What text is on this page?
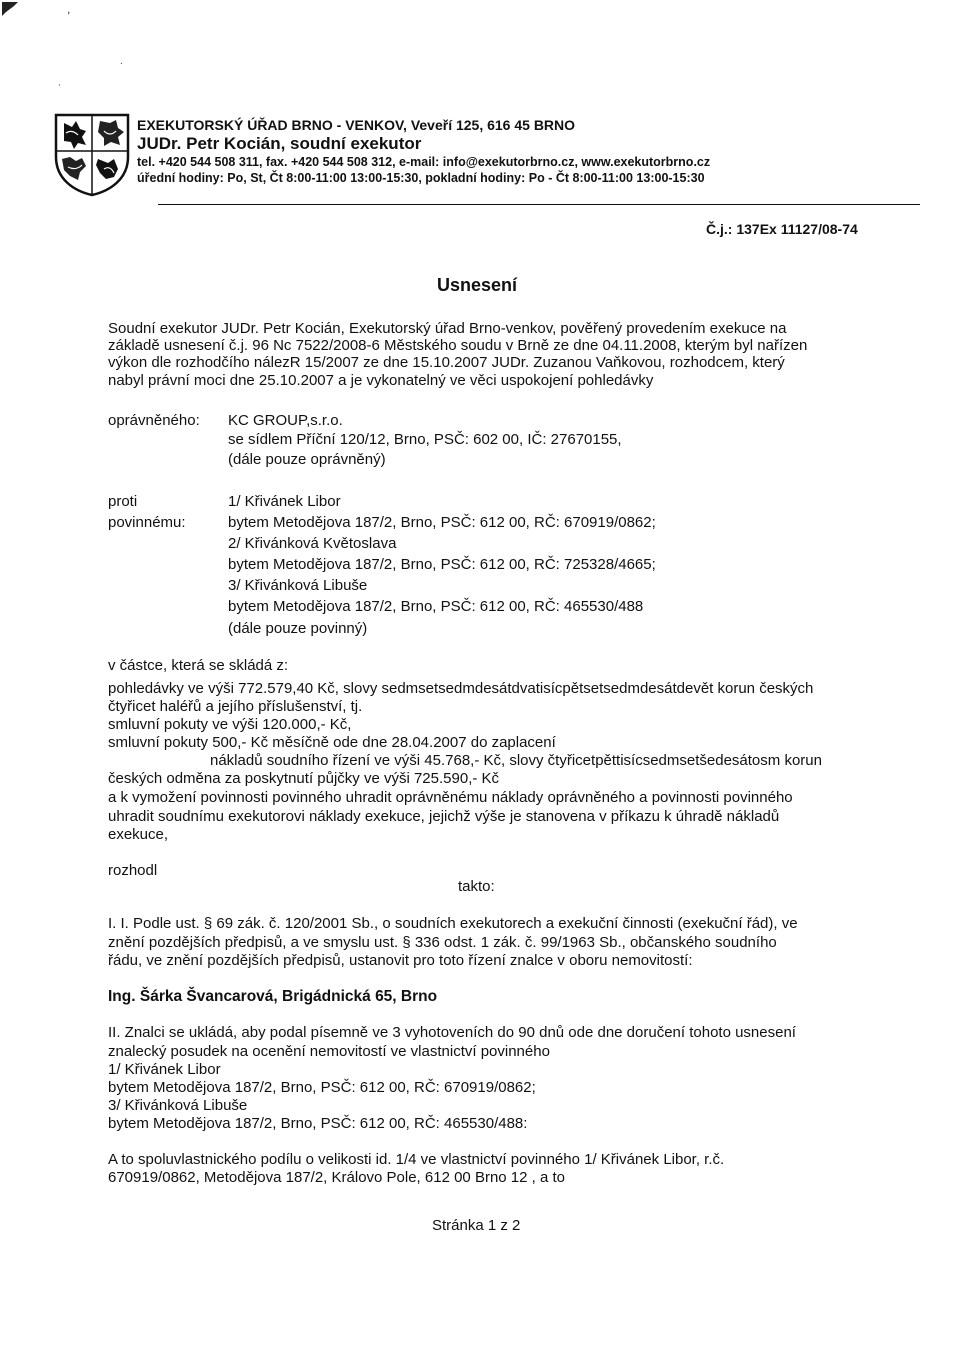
,
.
˙
EXEKUTORSKÝ ÚŘAD BRNO - VENKOV, Veveří 125, 616 45 BRNO
JUDr. Petr Kocián, soudní exekutor
tel. +420 544 508 311, fax. +420 544 508 312, e-mail: info@exekutorbrno.cz, www.exekutorbrno.cz
úřední hodiny: Po, St, Čt 8:00-11:00 13:00-15:30, pokladní hodiny: Po - Čt 8:00-11:00 13:00-15:30
Č.j.: 137Ex 11127/08-74
Usnesení
Soudní exekutor JUDr. Petr Kocián, Exekutorský úřad Brno-venkov, pověřený provedením exekuce na
základě usnesení č.j. 96 Nc 7522/2008-6 Městského soudu v Brně ze dne 04.11.2008, kterým byl nařízen
výkon dle rozhodčího nálezR 15/2007 ze dne 15.10.2007 JUDr. Zuzanou Vaňkovou, rozhodcem, který
nabyl právní moci dne 25.10.2007 a je vykonatelný ve věci uspokojení pohledávky
oprávněného: KC GROUP,s.r.o.
se sídlem Příční 120/12, Brno, PSČ: 602 00, IČ: 27670155,
(dále pouze oprávněný)
proti
povinnému:
1/ Křivánek Libor
bytem Metodějova 187/2, Brno, PSČ: 612 00, RČ: 670919/0862;
2/ Křivánková Květoslava
bytem Metodějova 187/2, Brno, PSČ: 612 00, RČ: 725328/4665;
3/ Křivánková Libuše
bytem Metodějova 187/2, Brno, PSČ: 612 00, RČ: 465530/488
(dále pouze povinný)
v částce, která se skládá z:
pohledávky ve výši 772.579,40 Kč, slovy sedmsetsedmdesátdvatisícpětsetsedmdesátdevět korun českých
čtyřicet haléřů a jejího příslušenství, tj.
smluvní pokuty ve výši 120.000,- Kč,
smluvní pokuty 500,- Kč měsíčně ode dne 28.04.2007 do zaplacení
nákladů soudního řízení ve výši 45.768,- Kč, slovy čtyřicetpěttisícsedmsetšedesátosm korun
českých odměna za poskytnutí půjčky ve výši 725.590,- Kč
a k vymožení povinnosti povinného uhradit oprávněnému náklady oprávněného a povinnosti povinného
uhradit soudnímu exekutorovi náklady exekuce, jejichž výše je stanovena v příkazu k úhradě nákladů
exekuce,
rozhodl
takto:
I. I. Podle ust. § 69 zák. č. 120/2001 Sb., o soudních exekutorech a exekuční činnosti (exekuční řád), ve
znění pozdějších předpisů, a ve smyslu ust. § 336 odst. 1 zák. č. 99/1963 Sb., občanského soudního
řádu, ve znění pozdějších předpisů, ustanovit pro toto řízení znalce v oboru nemovitostí:
Ing. Šárka Švancarová, Brigádnická 65, Brno
II. Znalci se ukládá, aby podal písemně ve 3 vyhotoveních do 90 dnů ode dne doručení tohoto usnesení
znalecký posudek na ocenění nemovitostí ve vlastnictví povinného
1/ Křivánek Libor
bytem Metodějova 187/2, Brno, PSČ: 612 00, RČ: 670919/0862;
3/ Křivánková Libuše
bytem Metodějova 187/2, Brno, PSČ: 612 00, RČ: 465530/488:
A to spoluvlastnického podílu o velikosti id. 1/4 ve vlastnictví povinného 1/ Křivánek Libor, r.č.
670919/0862, Metodějova 187/2, Královo Pole, 612 00 Brno 12 , a to
Stránka 1 z 2
